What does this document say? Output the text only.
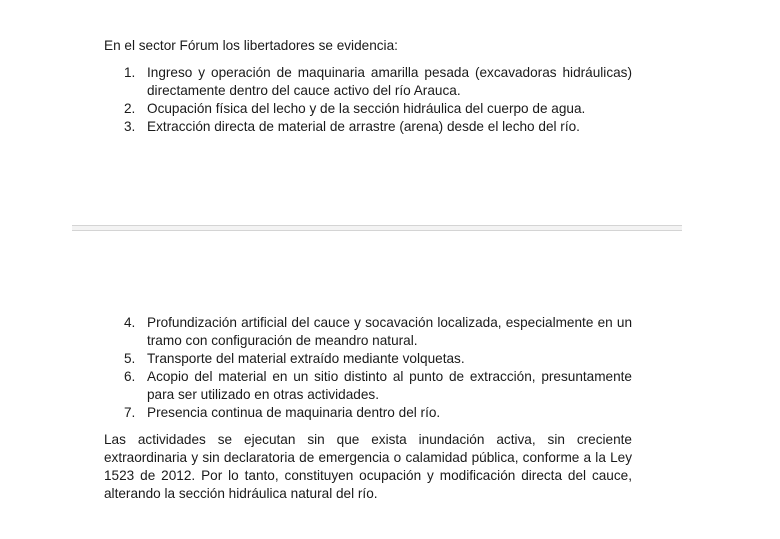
En el sector Fórum los libertadores se evidencia:

1. Ingreso y operación de maquinaria amarilla pesada (excavadoras hidráulicas) directamente dentro del cauce activo del río Arauca.
2. Ocupación física del lecho y de la sección hidráulica del cuerpo de agua.
3. Extracción directa de material de arrastre (arena) desde el lecho del río.
4. Profundización artificial del cauce y socavación localizada, especialmente en un tramo con configuración de meandro natural.
5. Transporte del material extraído mediante volquetas.
6. Acopio del material en un sitio distinto al punto de extracción, presuntamente para ser utilizado en otras actividades.
7. Presencia continua de maquinaria dentro del río.

Las actividades se ejecutan sin que exista inundación activa, sin creciente extraordinaria y sin declaratoria de emergencia o calamidad pública, conforme a la Ley 1523 de 2012. Por lo tanto, constituyen ocupación y modificación directa del cauce, alterando la sección hidráulica natural del río.
